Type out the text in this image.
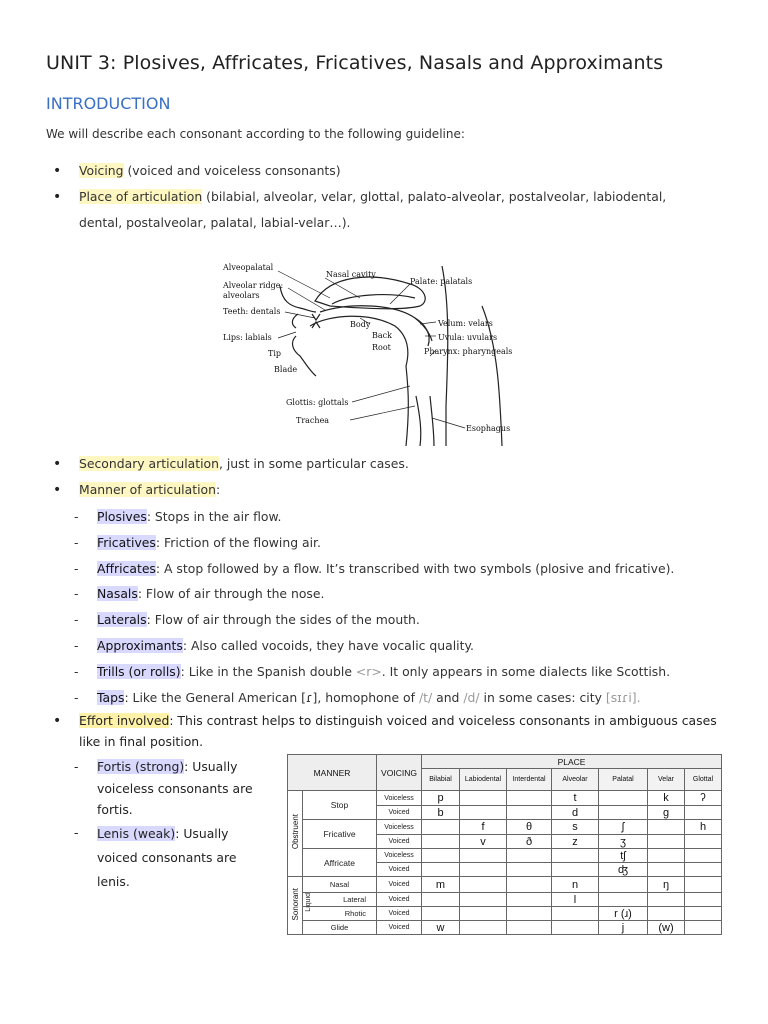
UNIT 3: Plosives, Affricates, Fricatives, Nasals and Approximants
INTRODUCTION
We will describe each consonant according to the following guideline:
• Voicing (voiced and voiceless consonants)
• Place of articulation (bilabial, alveolar, velar, glottal, palato-alveolar, postalveolar, labiodental,
dental, postalveolar, palatal, labial-velar…).
Alveopalatal
Nasal cavity
Palate: palatals
Alveolar ridge:
alveolars
Teeth: dentals
Lips: labials
Body
Back
Root
Tip
Blade
Velum: velars
Uvula: uvulars
Pharynx: pharyngeals
Glottis: glottals
Trachea
Esophagus
• Secondary articulation, just in some particular cases.
• Manner of articulation:
- Plosives: Stops in the air flow.
- Fricatives: Friction of the flowing air.
- Affricates: A stop followed by a flow. It’s transcribed with two symbols (plosive and fricative).
- Nasals: Flow of air through the nose.
- Laterals: Flow of air through the sides of the mouth.
- Approximants: Also called vocoids, they have vocalic quality.
- Trills (or rolls): Like in the Spanish double <r>. It only appears in some dialects like Scottish.
- Taps: Like the General American [ɾ], homophone of /t/ and /d/ in some cases: city [sɪɾi].
• Effort involved: This contrast helps to distinguish voiced and voiceless consonants in ambiguous cases
like in final position.
- Fortis (strong): Usually
voiceless consonants are
fortis.
- Lenis (weak): Usually
voiced consonants are
lenis.
MANNER		VOICING	PLACE						
			Bilabial	Labiodental	Interdental	Alveolar	Palatal	Velar	Glottal
Obstruent	Stop	Voiceless	p			t		k	ʔ
		Voiced	b			d		g	
	Fricative	Voiceless		f	θ	s	ʃ		h
		Voiced		v	ð	z	ʒ		
	Affricate	Voiceless					tʃ		
		Voiced					ʤ		
Sonorant	Nasal	Voiced	m			n		ŋ	

	Liquid Lateral	Voiced				l			
	Rhotic	Voiced					r (ɹ)		
	Glide	Voiced	w				j	(w)	
